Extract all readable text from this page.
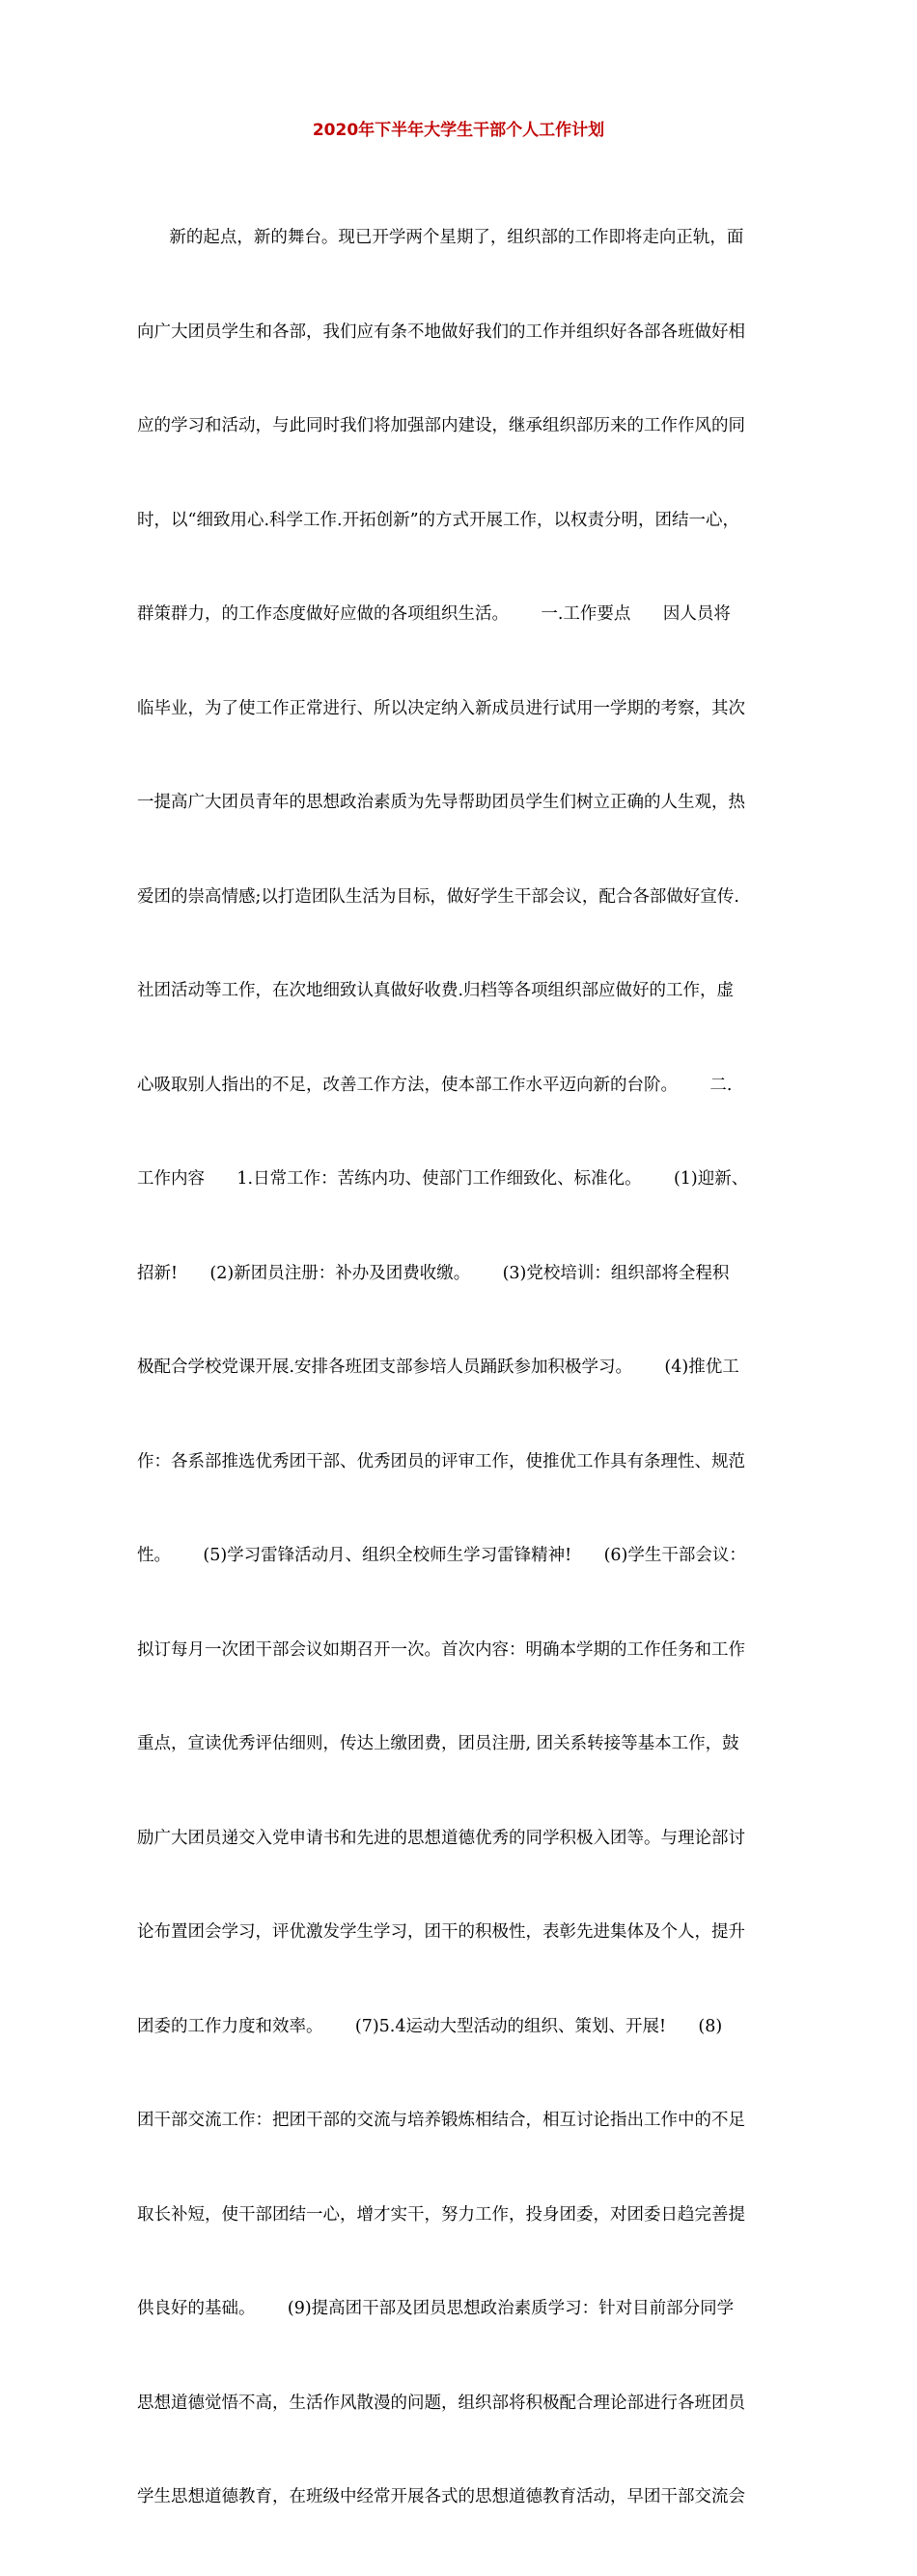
2020年下半年大学生干部个人工作计划

新的起点，新的舞台。现已开学两个星期了，组织部的工作即将走向正轨，面

向广大团员学生和各部，我们应有条不地做好我们的工作并组织好各部各班做好相

应的学习和活动，与此同时我们将加强部内建设，继承组织部历来的工作作风的同

时，以“细致用心.科学工作.开拓创新”的方式开展工作，以权责分明，团结一心，

群策群力，的工作态度做好应做的各项组织生活。      一.工作要点      因人员将

临毕业，为了使工作正常进行、所以决定纳入新成员进行试用一学期的考察，其次

一提高广大团员青年的思想政治素质为先导帮助团员学生们树立正确的人生观，热

爱团的崇高情感;以打造团队生活为目标，做好学生干部会议，配合各部做好宣传.

社团活动等工作，在次地细致认真做好收费.归档等各项组织部应做好的工作，虚

心吸取别人指出的不足，改善工作方法，使本部工作水平迈向新的台阶。      二.

工作内容      1.日常工作：苦练内功、使部门工作细致化、标准化。      (1)迎新、

招新!      (2)新团员注册：补办及团费收缴。      (3)党校培训：组织部将全程积

极配合学校党课开展.安排各班团支部参培人员踊跃参加积极学习。      (4)推优工

作：各系部推选优秀团干部、优秀团员的评审工作，使推优工作具有条理性、规范

性。      (5)学习雷锋活动月、组织全校师生学习雷锋精神!      (6)学生干部会议：

拟订每月一次团干部会议如期召开一次。首次内容：明确本学期的工作任务和工作

重点，宣读优秀评估细则，传达上缴团费，团员注册, 团关系转接等基本工作，鼓

励广大团员递交入党申请书和先进的思想道德优秀的同学积极入团等。与理论部讨

论布置团会学习，评优激发学生学习，团干的积极性，表彰先进集体及个人，提升

团委的工作力度和效率。      (7)5.4运动大型活动的组织、策划、开展!      (8)

团干部交流工作：把团干部的交流与培养锻炼相结合，相互讨论指出工作中的不足

取长补短，使干部团结一心，增才实干，努力工作，投身团委，对团委日趋完善提

供良好的基础。      (9)提高团干部及团员思想政治素质学习：针对目前部分同学

思想道德觉悟不高，生活作风散漫的问题，组织部将积极配合理论部进行各班团员

学生思想道德教育，在班级中经常开展各式的思想道德教育活动，早团干部交流会
